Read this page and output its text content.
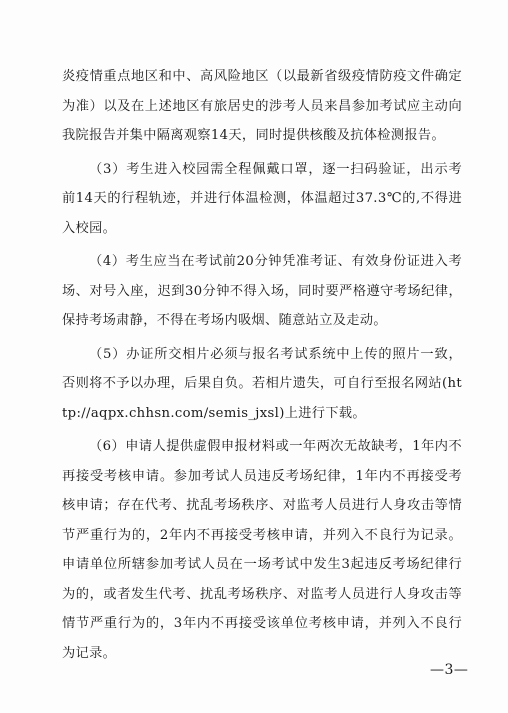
炎疫情重点地区和中、高风险地区（以最新省级疫情防疫文件确定为准）以及在上述地区有旅居史的涉考人员来昌参加考试应主动向我院报告并集中隔离观察14天，同时提供核酸及抗体检测报告。

（3）考生进入校园需全程佩戴口罩，逐一扫码验证，出示考前14天的行程轨迹，并进行体温检测，体温超过37.3℃的,不得进入校园。

（4）考生应当在考试前20分钟凭准考证、有效身份证进入考场、对号入座，迟到30分钟不得入场，同时要严格遵守考场纪律，保持考场肃静，不得在考场内吸烟、随意站立及走动。

（5）办证所交相片必须与报名考试系统中上传的照片一致，否则将不予以办理，后果自负。若相片遗失，可自行至报名网站(http://aqpx.chhsn.com/semis_jxsl)上进行下载。

（6）申请人提供虚假申报材料或一年两次无故缺考，1年内不再接受考核申请。参加考试人员违反考场纪律，1年内不再接受考核申请；存在代考、扰乱考场秩序、对监考人员进行人身攻击等情节严重行为的，2年内不再接受考核申请，并列入不良行为记录。申请单位所辖参加考试人员在一场考试中发生3起违反考场纪律行为的，或者发生代考、扰乱考场秩序、对监考人员进行人身攻击等情节严重行为的，3年内不再接受该单位考核申请，并列入不良行为记录。

—3—
